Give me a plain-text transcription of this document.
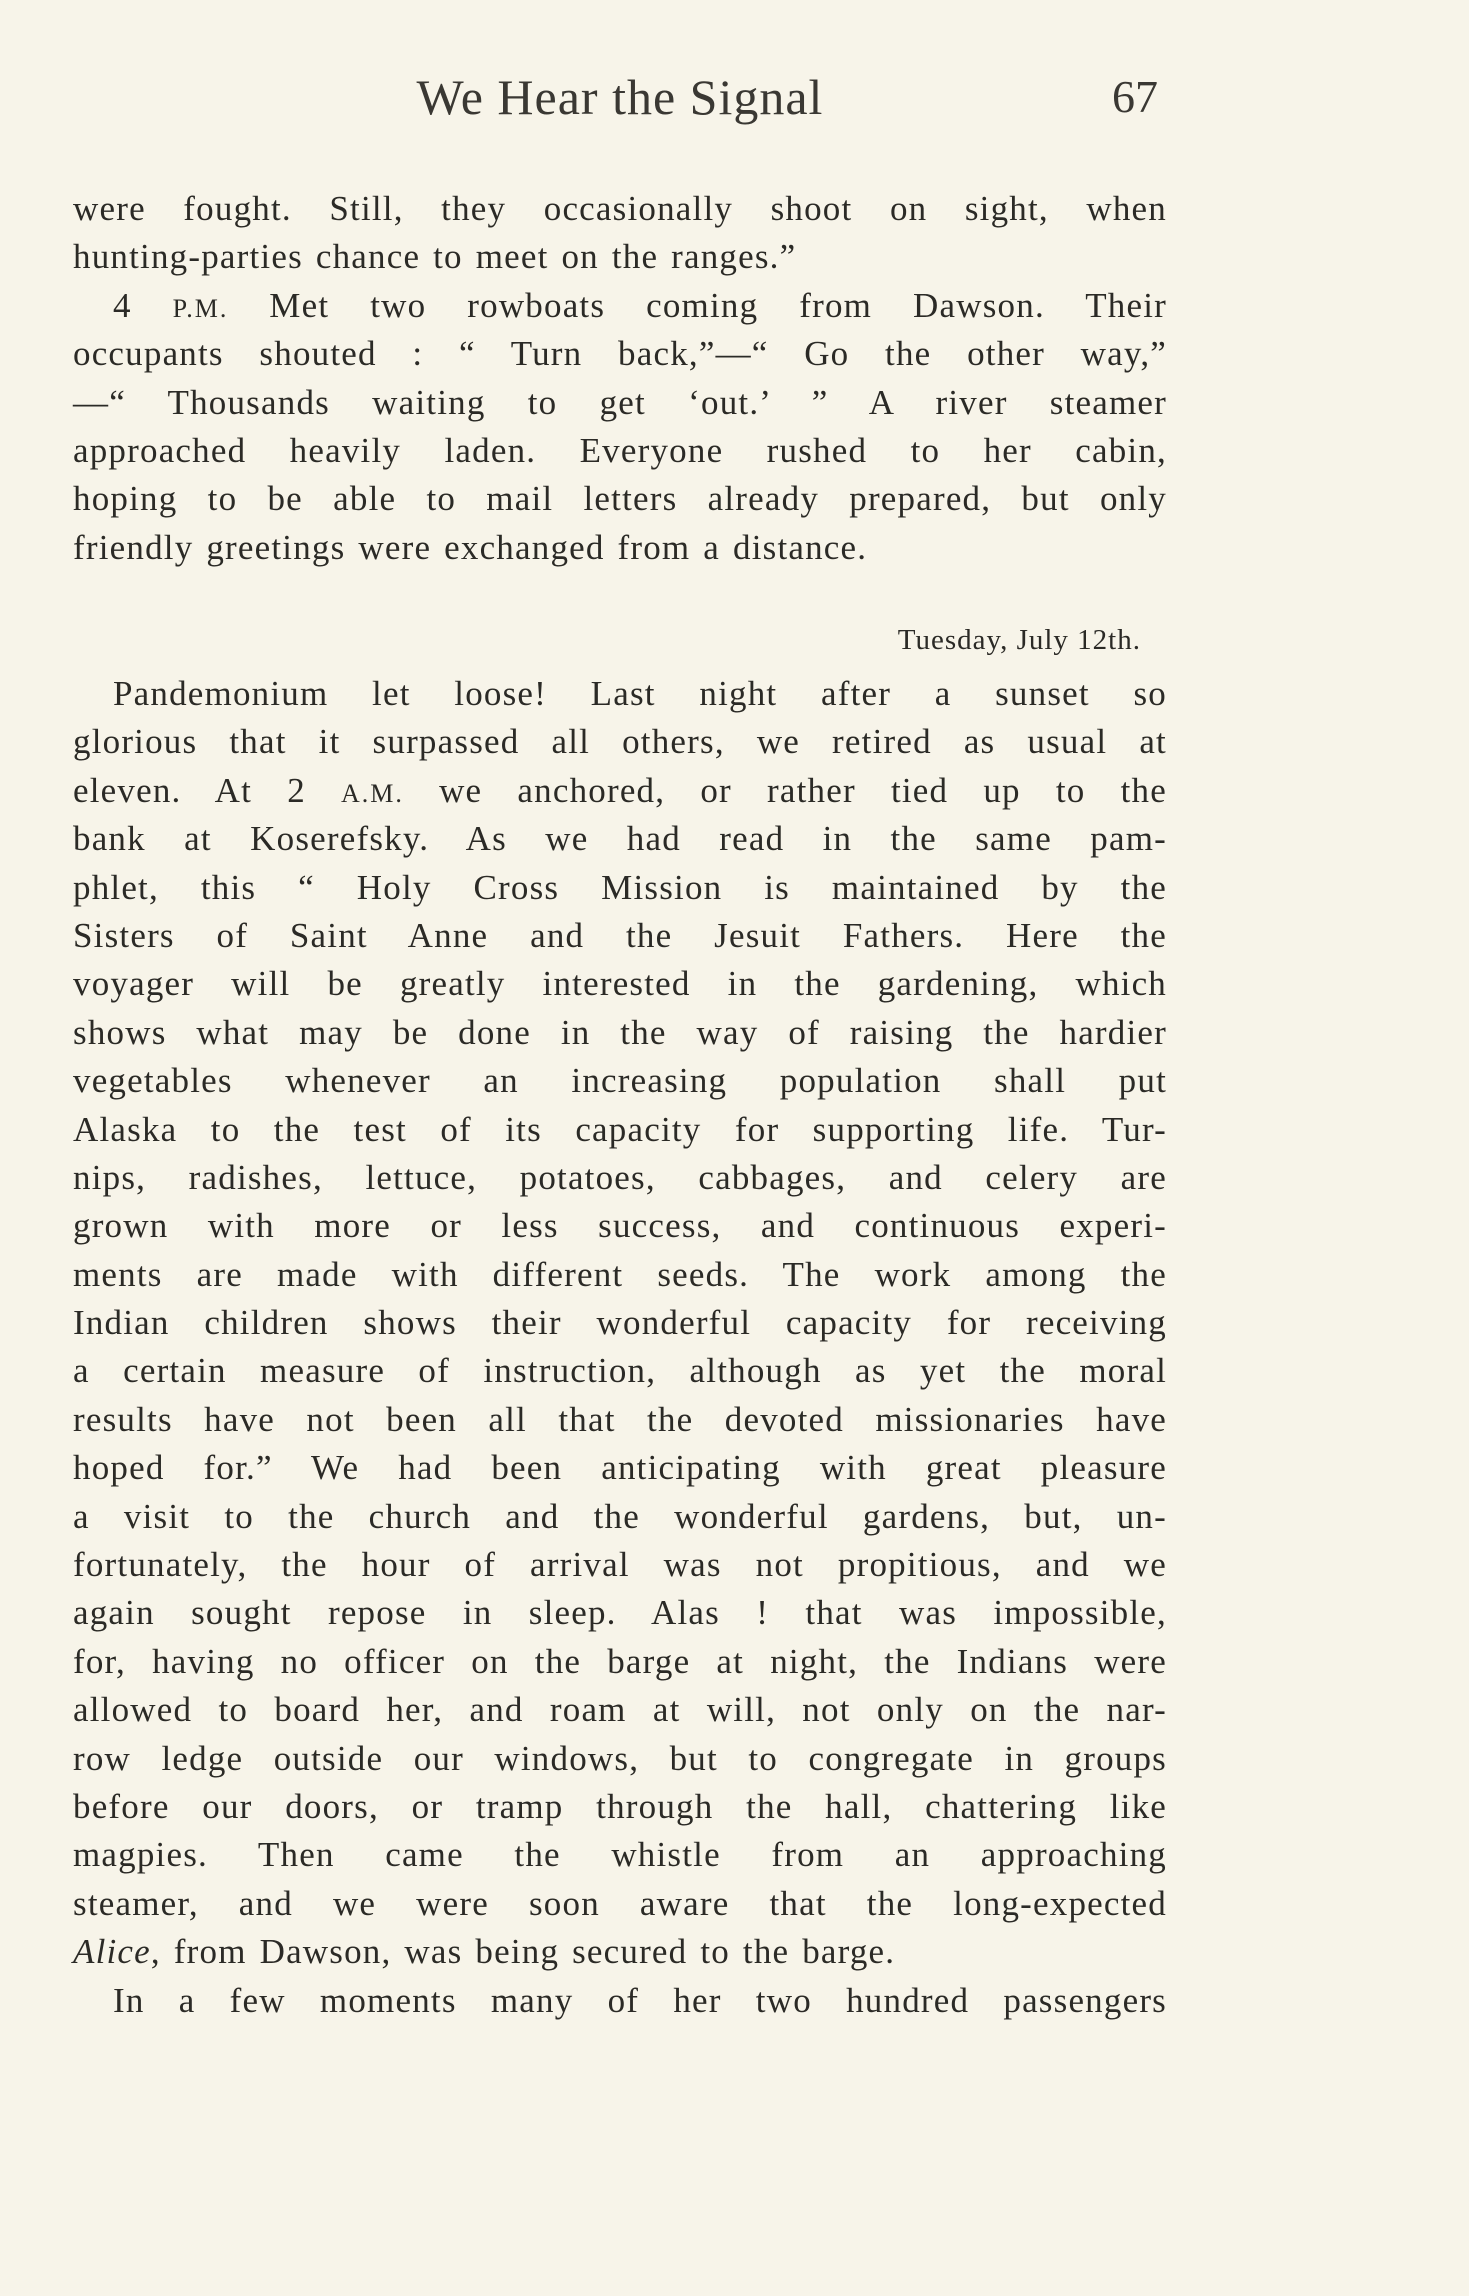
We Hear the Signal	67
were fought. Still, they occasionally shoot on sight, when
hunting-parties chance to meet on the ranges.”
4 P.M. Met two rowboats coming from Dawson. Their
occupants shouted : “ Turn back,”—“ Go the other way,”
—“ Thousands waiting to get ‘out.’ ” A river steamer
approached heavily laden. Everyone rushed to her cabin,
hoping to be able to mail letters already prepared, but only
friendly greetings were exchanged from a distance.
Tuesday, July 12th.
Pandemonium let loose! Last night after a sunset so
glorious that it surpassed all others, we retired as usual at
eleven. At 2 A.M. we anchored, or rather tied up to the
bank at Koserefsky. As we had read in the same pam-
phlet, this “ Holy Cross Mission is maintained by the
Sisters of Saint Anne and the Jesuit Fathers. Here the
voyager will be greatly interested in the gardening, which
shows what may be done in the way of raising the hardier
vegetables whenever an increasing population shall put
Alaska to the test of its capacity for supporting life. Tur-
nips, radishes, lettuce, potatoes, cabbages, and celery are
grown with more or less success, and continuous experi-
ments are made with different seeds. The work among the
Indian children shows their wonderful capacity for receiving
a certain measure of instruction, although as yet the moral
results have not been all that the devoted missionaries have
hoped for.” We had been anticipating with great pleasure
a visit to the church and the wonderful gardens, but, un-
fortunately, the hour of arrival was not propitious, and we
again sought repose in sleep. Alas ! that was impossible,
for, having no officer on the barge at night, the Indians were
allowed to board her, and roam at will, not only on the nar-
row ledge outside our windows, but to congregate in groups
before our doors, or tramp through the hall, chattering like
magpies. Then came the whistle from an approaching
steamer, and we were soon aware that the long-expected
Alice, from Dawson, was being secured to the barge.
In a few moments many of her two hundred passengers
